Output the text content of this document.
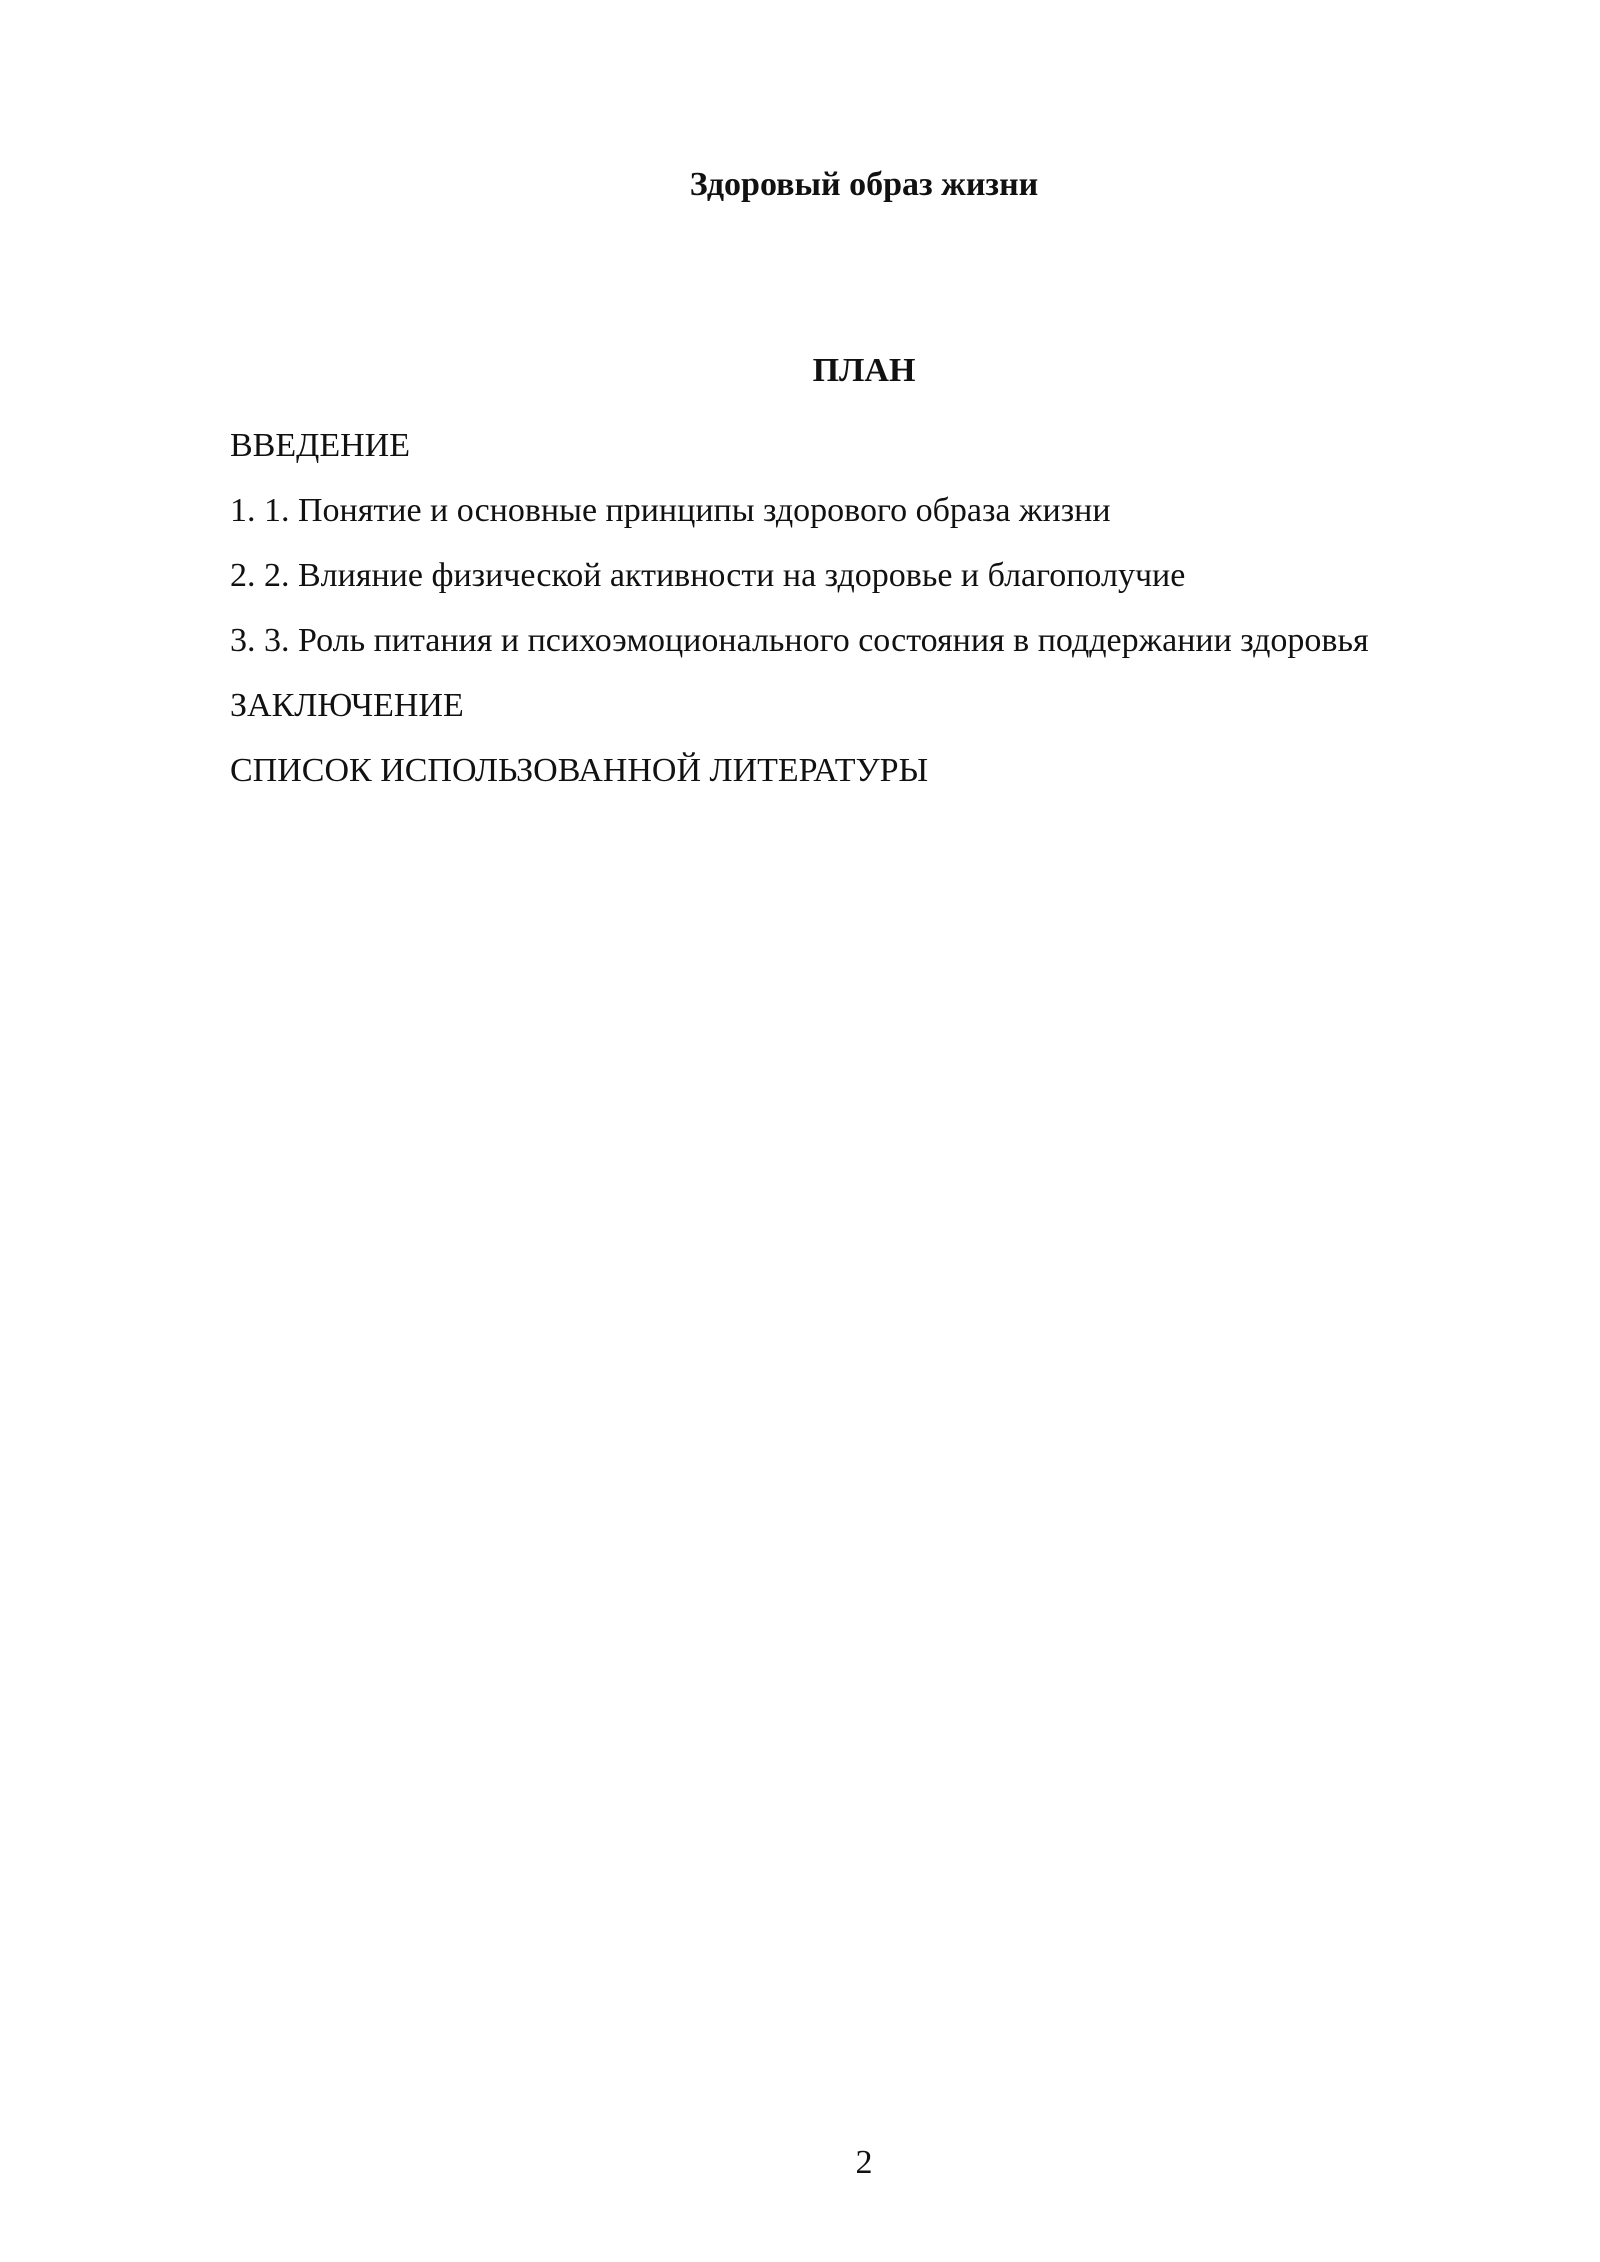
Здоровый образ жизни
ПЛАН
ВВЕДЕНИЕ
1. 1. Понятие и основные принципы здорового образа жизни
2. 2. Влияние физической активности на здоровье и благополучие
3. 3. Роль питания и психоэмоционального состояния в поддержании здоровья
ЗАКЛЮЧЕНИЕ
СПИСОК ИСПОЛЬЗОВАННОЙ ЛИТЕРАТУРЫ
2
